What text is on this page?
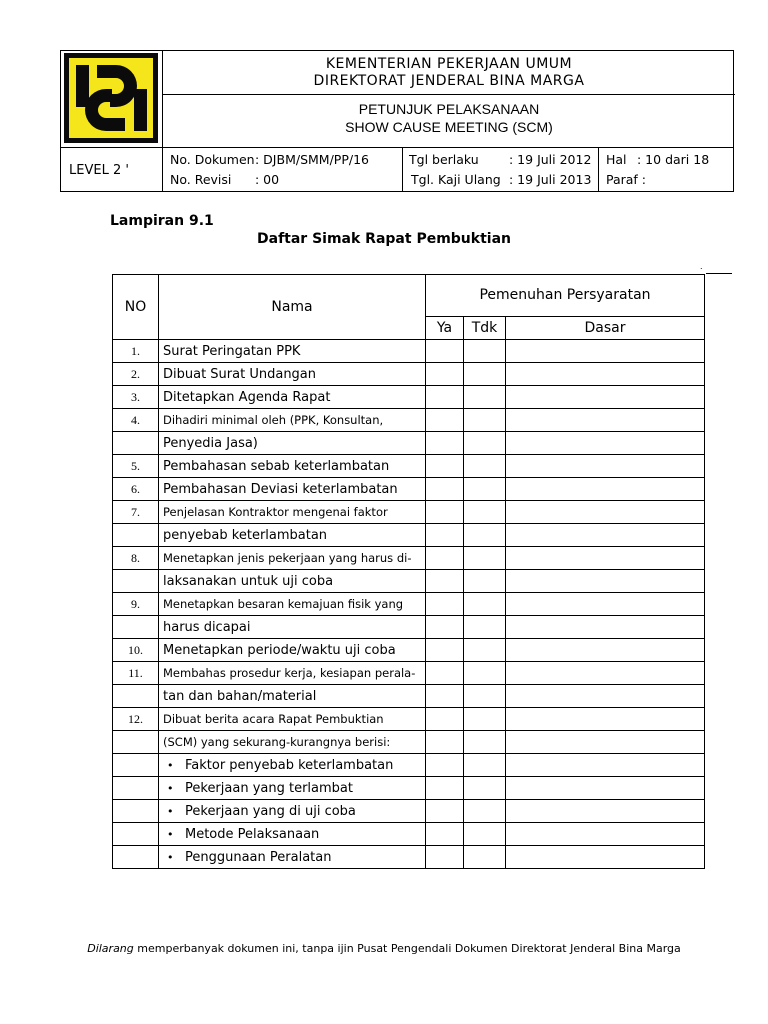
KEMENTERIAN PEKERJAAN UMUM
DIREKTORAT JENDERAL BINA MARGA
PETUNJUK PELAKSANAAN
SHOW CAUSE MEETING (SCM)
LEVEL 2 '
No. Dokumen : DJBM/SMM/PP/16
No. Revisi : 00
Tgl berlaku : 19 Juli 2012
Tgl. Kaji Ulang : 19 Juli 2013
Hal : 10 dari 18
Paraf :
Lampiran 9.1
Daftar Simak Rapat Pembuktian
.
NO	Nama	Pemenuhan Persyaratan		
		Ya	Tdk	Dasar
1.	Surat Peringatan PPK			
2.	Dibuat Surat Undangan			
3.	Ditetapkan Agenda Rapat			
4.	Dihadiri minimal oleh (PPK, Konsultan,			
	Penyedia Jasa)			
5.	Pembahasan sebab keterlambatan			
6.	Pembahasan Deviasi keterlambatan			
7.	Penjelasan Kontraktor mengenai faktor			
	penyebab keterlambatan			
8.	Menetapkan jenis pekerjaan yang harus di-			
	laksanakan untuk uji coba			
9.	Menetapkan besaran kemajuan fisik yang			
	harus dicapai			
10.	Menetapkan periode/waktu uji coba			
11.	Membahas prosedur kerja, kesiapan perala-			
	tan dan bahan/material			
12.	Dibuat berita acara Rapat Pembuktian			
	(SCM) yang sekurang-kurangnya berisi:			
	• Faktor penyebab keterlambatan			
	• Pekerjaan yang terlambat			
	• Pekerjaan yang di uji coba			
	• Metode Pelaksanaan			
	• Penggunaan Peralatan			
Dilarang memperbanyak dokumen ini, tanpa ijin Pusat Pengendali Dokumen Direktorat Jenderal Bina Marga
